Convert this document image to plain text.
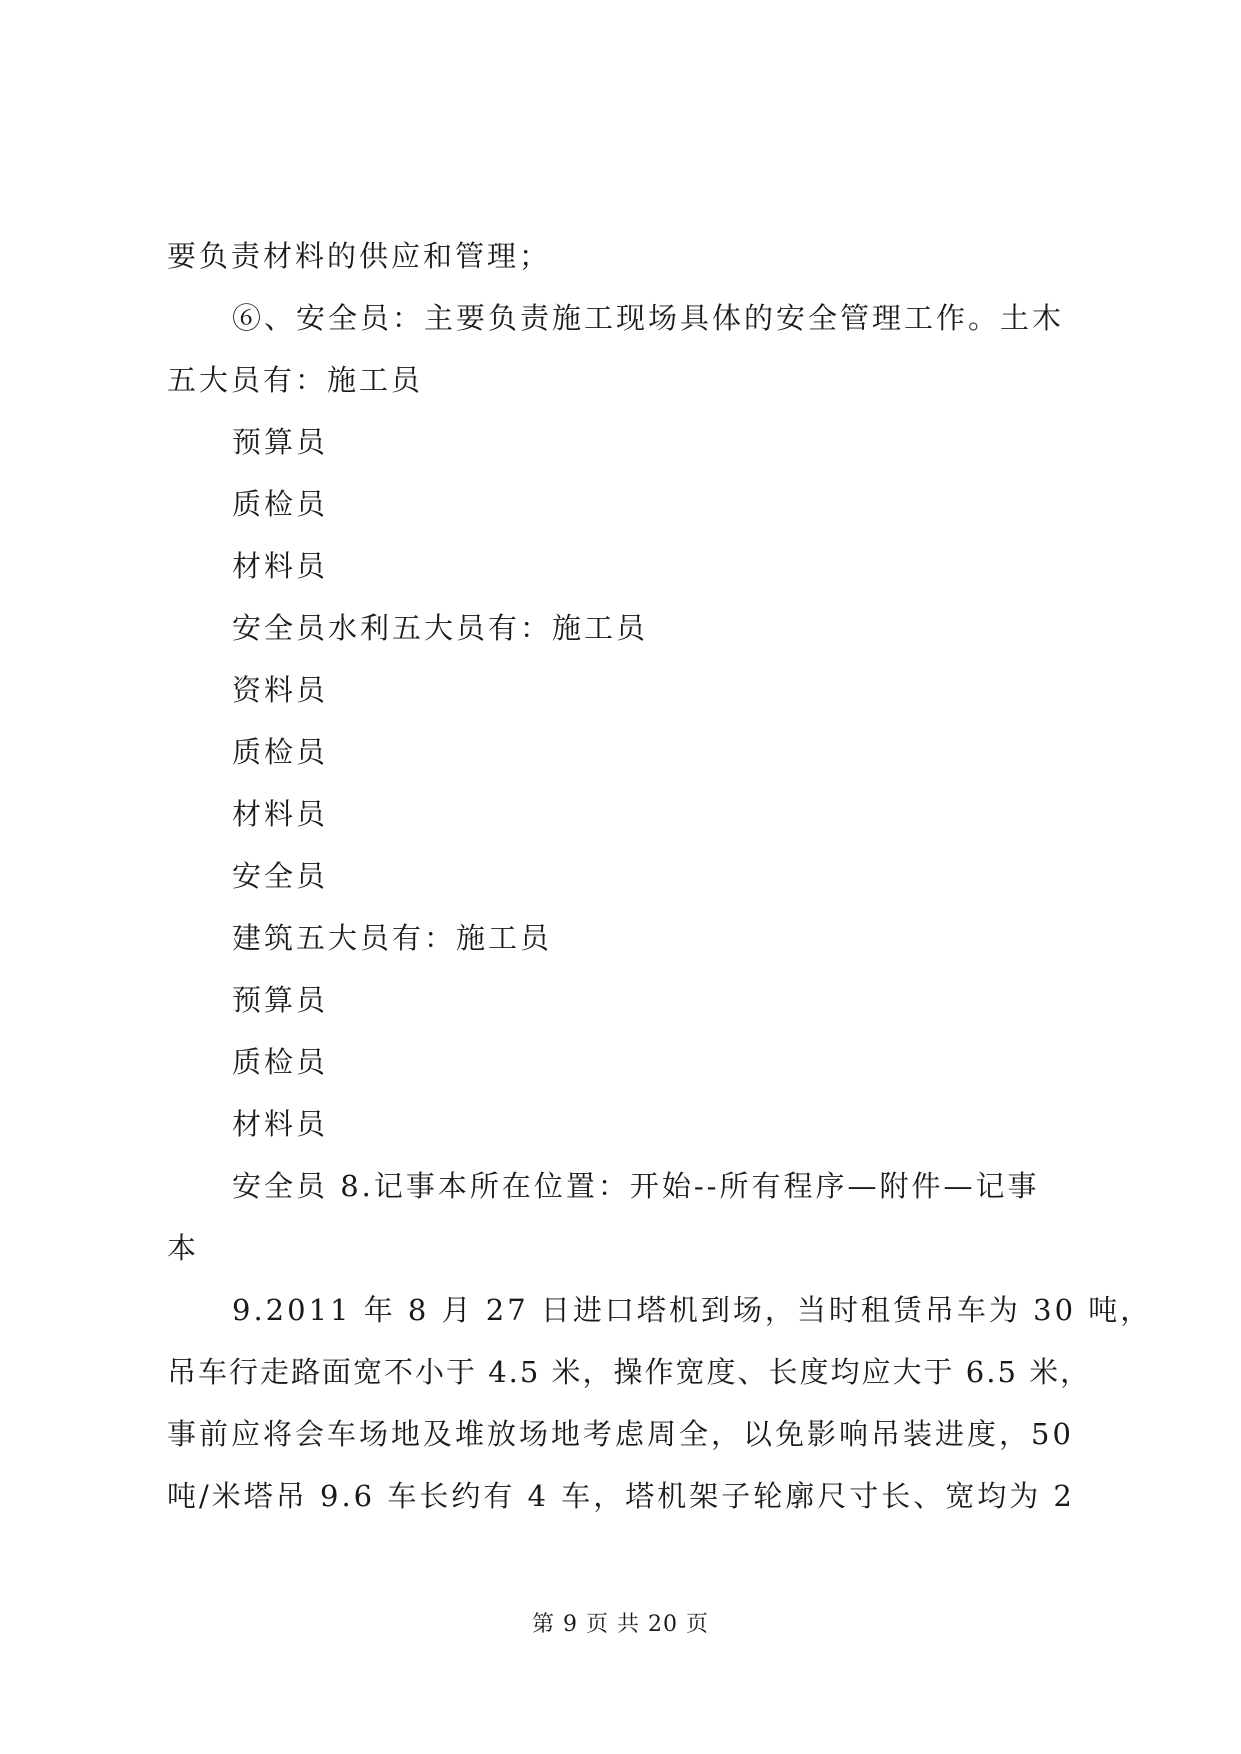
要负责材料的供应和管理；
⑥、安全员：主要负责施工现场具体的安全管理工作。土木
五大员有：施工员
预算员
质检员
材料员
安全员水利五大员有：施工员
资料员
质检员
材料员
安全员
建筑五大员有：施工员
预算员
质检员
材料员
安全员 8.记事本所在位置：开始--所有程序—附件—记事
本
9.2011 年 8 月 27 日进口塔机到场，当时租赁吊车为 30 吨，
吊车行走路面宽不小于 4.5 米，操作宽度、长度均应大于 6.5 米，
事前应将会车场地及堆放场地考虑周全，以免影响吊装进度，50
吨/米塔吊 9.6 车长约有 4 车，塔机架子轮廓尺寸长、宽均为 2
第 9 页 共 20 页
